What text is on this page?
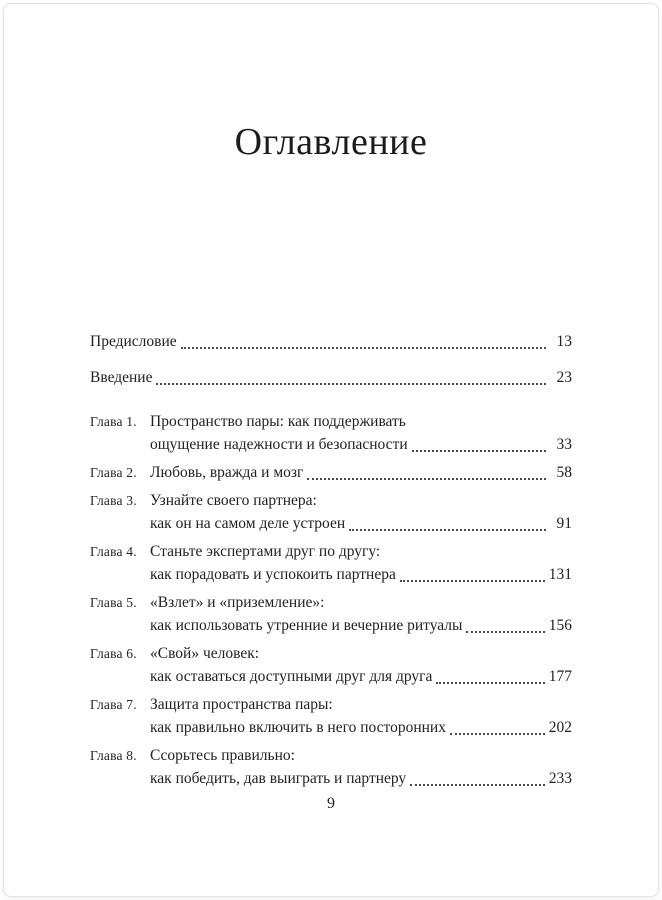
Оглавление
Предисловие	13
Введение	23
Глава 1. Пространство пары: как поддерживать
ощущение надежности и безопасности	33
Глава 2. Любовь, вражда и мозг	58
Глава 3. Узнайте своего партнера:
как он на самом деле устроен	91
Глава 4. Станьте экспертами друг по другу:
как порадовать и успокоить партнера	131
Глава 5. «Взлет» и «приземление»:
как использовать утренние и вечерние ритуалы	156
Глава 6. «Свой» человек:
как оставаться доступными друг для друга	177
Глава 7. Защита пространства пары:
как правильно включить в него посторонних	202
Глава 8. Ссорьтесь правильно:
как победить, дав выиграть и партнеру	233
9
